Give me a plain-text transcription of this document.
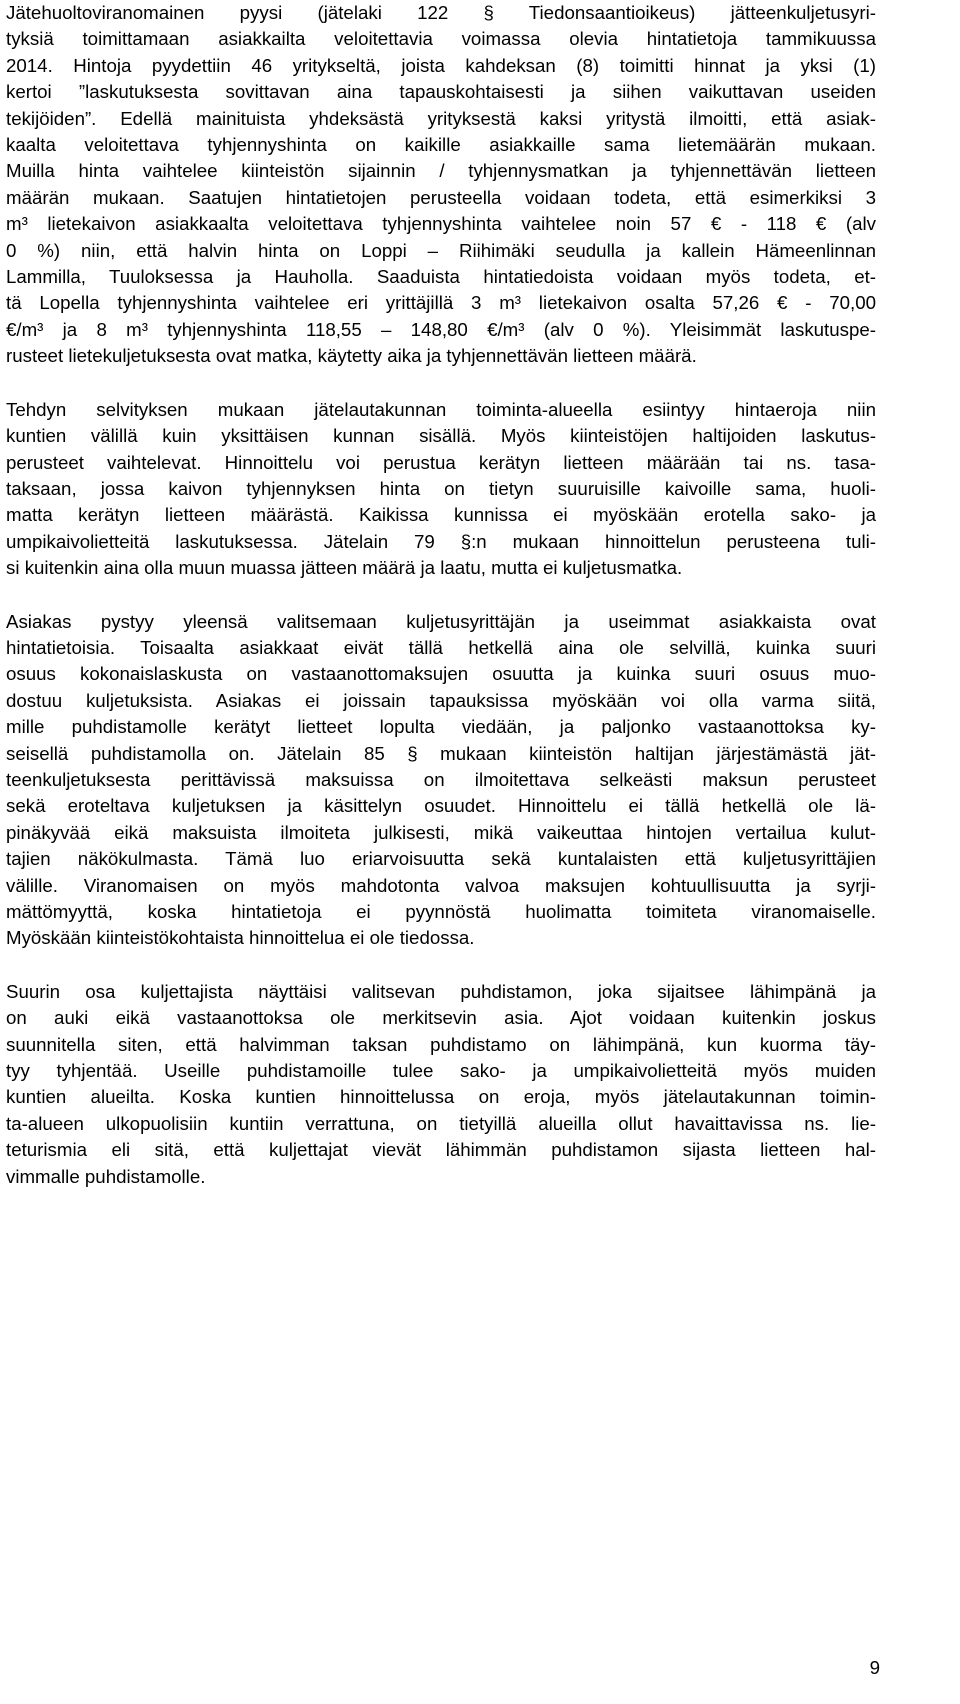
Jätehuoltoviranomainen pyysi (jätelaki 122 § Tiedonsaantioikeus) jätteenkuljetusyri-
tyksiä toimittamaan asiakkailta veloitettavia voimassa olevia hintatietoja tammikuussa
2014. Hintoja pyydettiin 46 yritykseltä, joista kahdeksan (8) toimitti hinnat ja yksi (1)
kertoi ”laskutuksesta sovittavan aina tapauskohtaisesti ja siihen vaikuttavan useiden
tekijöiden”. Edellä mainituista yhdeksästä yrityksestä kaksi yritystä ilmoitti, että asiak-
kaalta veloitettava tyhjennyshinta on kaikille asiakkaille sama lietemäärän mukaan.
Muilla hinta vaihtelee kiinteistön sijainnin / tyhjennysmatkan ja tyhjennettävän lietteen
määrän mukaan. Saatujen hintatietojen perusteella voidaan todeta, että esimerkiksi 3
m³ lietekaivon asiakkaalta veloitettava tyhjennyshinta vaihtelee noin 57 € - 118 € (alv
0 %) niin, että halvin hinta on Loppi – Riihimäki seudulla ja kallein Hämeenlinnan
Lammilla, Tuuloksessa ja Hauholla. Saaduista hintatiedoista voidaan myös todeta, et-
tä Lopella tyhjennyshinta vaihtelee eri yrittäjillä 3 m³ lietekaivon osalta 57,26 € - 70,00
€/m³ ja 8 m³ tyhjennyshinta 118,55 – 148,80 €/m³ (alv 0 %). Yleisimmät laskutuspe-
rusteet lietekuljetuksesta ovat matka, käytetty aika ja tyhjennettävän lietteen määrä.
Tehdyn selvityksen mukaan jätelautakunnan toiminta-alueella esiintyy hintaeroja niin
kuntien välillä kuin yksittäisen kunnan sisällä. Myös kiinteistöjen haltijoiden laskutus-
perusteet vaihtelevat. Hinnoittelu voi perustua kerätyn lietteen määrään tai ns. tasa-
taksaan, jossa kaivon tyhjennyksen hinta on tietyn suuruisille kaivoille sama, huoli-
matta kerätyn lietteen määrästä. Kaikissa kunnissa ei myöskään erotella sako- ja
umpikaivolietteitä laskutuksessa. Jätelain 79 §:n mukaan hinnoittelun perusteena tuli-
si kuitenkin aina olla muun muassa jätteen määrä ja laatu, mutta ei kuljetusmatka.
Asiakas pystyy yleensä valitsemaan kuljetusyrittäjän ja useimmat asiakkaista ovat
hintatietoisia. Toisaalta asiakkaat eivät tällä hetkellä aina ole selvillä, kuinka suuri
osuus kokonaislaskusta on vastaanottomaksujen osuutta ja kuinka suuri osuus muo-
dostuu kuljetuksista. Asiakas ei joissain tapauksissa myöskään voi olla varma siitä,
mille puhdistamolle kerätyt lietteet lopulta viedään, ja paljonko vastaanottoksa ky-
seisellä puhdistamolla on. Jätelain 85 § mukaan kiinteistön haltijan järjestämästä jät-
teenkuljetuksesta perittävissä maksuissa on ilmoitettava selkeästi maksun perusteet
sekä eroteltava kuljetuksen ja käsittelyn osuudet. Hinnoittelu ei tällä hetkellä ole lä-
pinäkyvää eikä maksuista ilmoiteta julkisesti, mikä vaikeuttaa hintojen vertailua kulut-
tajien näkökulmasta. Tämä luo eriarvoisuutta sekä kuntalaisten että kuljetusyrittäjien
välille. Viranomaisen on myös mahdotonta valvoa maksujen kohtuullisuutta ja syrji-
mättömyyttä, koska hintatietoja ei pyynnöstä huolimatta toimiteta viranomaiselle.
Myöskään kiinteistökohtaista hinnoittelua ei ole tiedossa.
Suurin osa kuljettajista näyttäisi valitsevan puhdistamon, joka sijaitsee lähimpänä ja
on auki eikä vastaanottoksa ole merkitsevin asia. Ajot voidaan kuitenkin joskus
suunnitella siten, että halvimman taksan puhdistamo on lähimpänä, kun kuorma täy-
tyy tyhjentää. Useille puhdistamoille tulee sako- ja umpikaivolietteitä myös muiden
kuntien alueilta. Koska kuntien hinnoittelussa on eroja, myös jätelautakunnan toimin-
ta-alueen ulkopuolisiin kuntiin verrattuna, on tietyillä alueilla ollut havaittavissa ns. lie-
teturismia eli sitä, että kuljettajat vievät lähimmän puhdistamon sijasta lietteen hal-
vimmalle puhdistamolle.
9
